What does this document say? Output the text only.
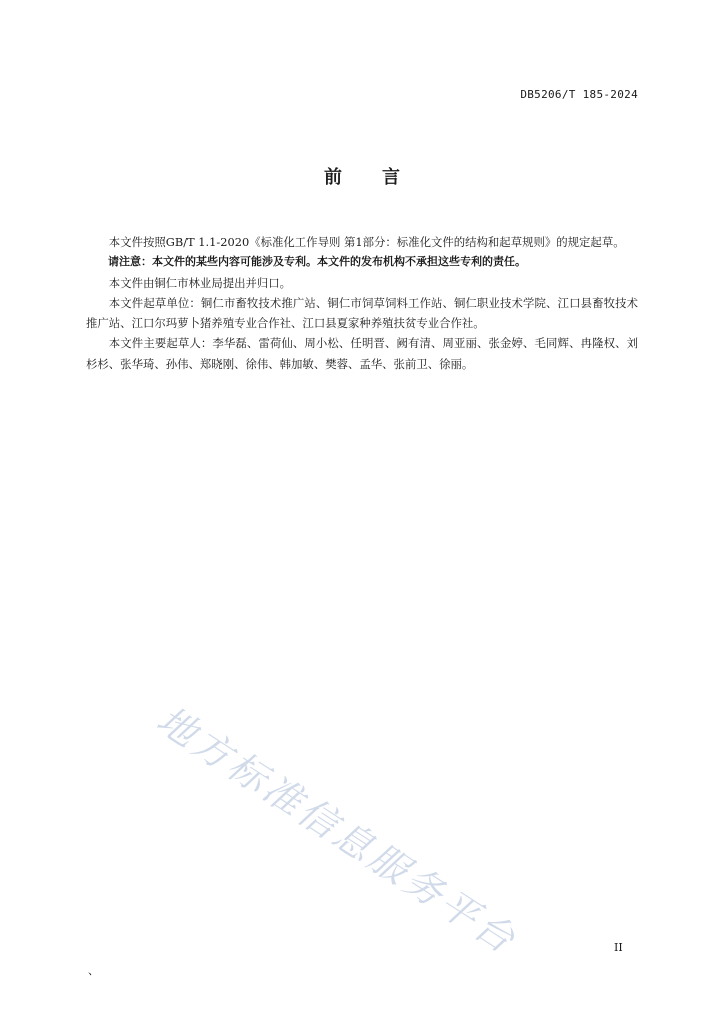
DB5206/T 185-2024
前言

本文件按照GB/T 1.1-2020《标准化工作导则 第1部分：标准化文件的结构和起草规则》的规定起草。

请注意：本文件的某些内容可能涉及专利。本文件的发布机构不承担这些专利的责任。

本文件由铜仁市林业局提出并归口。

本文件起草单位：铜仁市畜牧技术推广站、铜仁市饲草饲料工作站、铜仁职业技术学院、江口县畜牧技术推广站、江口尔玛萝卜猪养殖专业合作社、江口县夏家种养殖扶贫专业合作社。

本文件主要起草人：李华磊、雷荷仙、周小松、任明晋、阙有清、周亚丽、张金婷、毛同辉、冉隆权、刘杉杉、张华琦、孙伟、郑晓刚、徐伟、韩加敏、樊蓉、孟华、张前卫、徐丽。

地方标准信息服务平台	II
、
